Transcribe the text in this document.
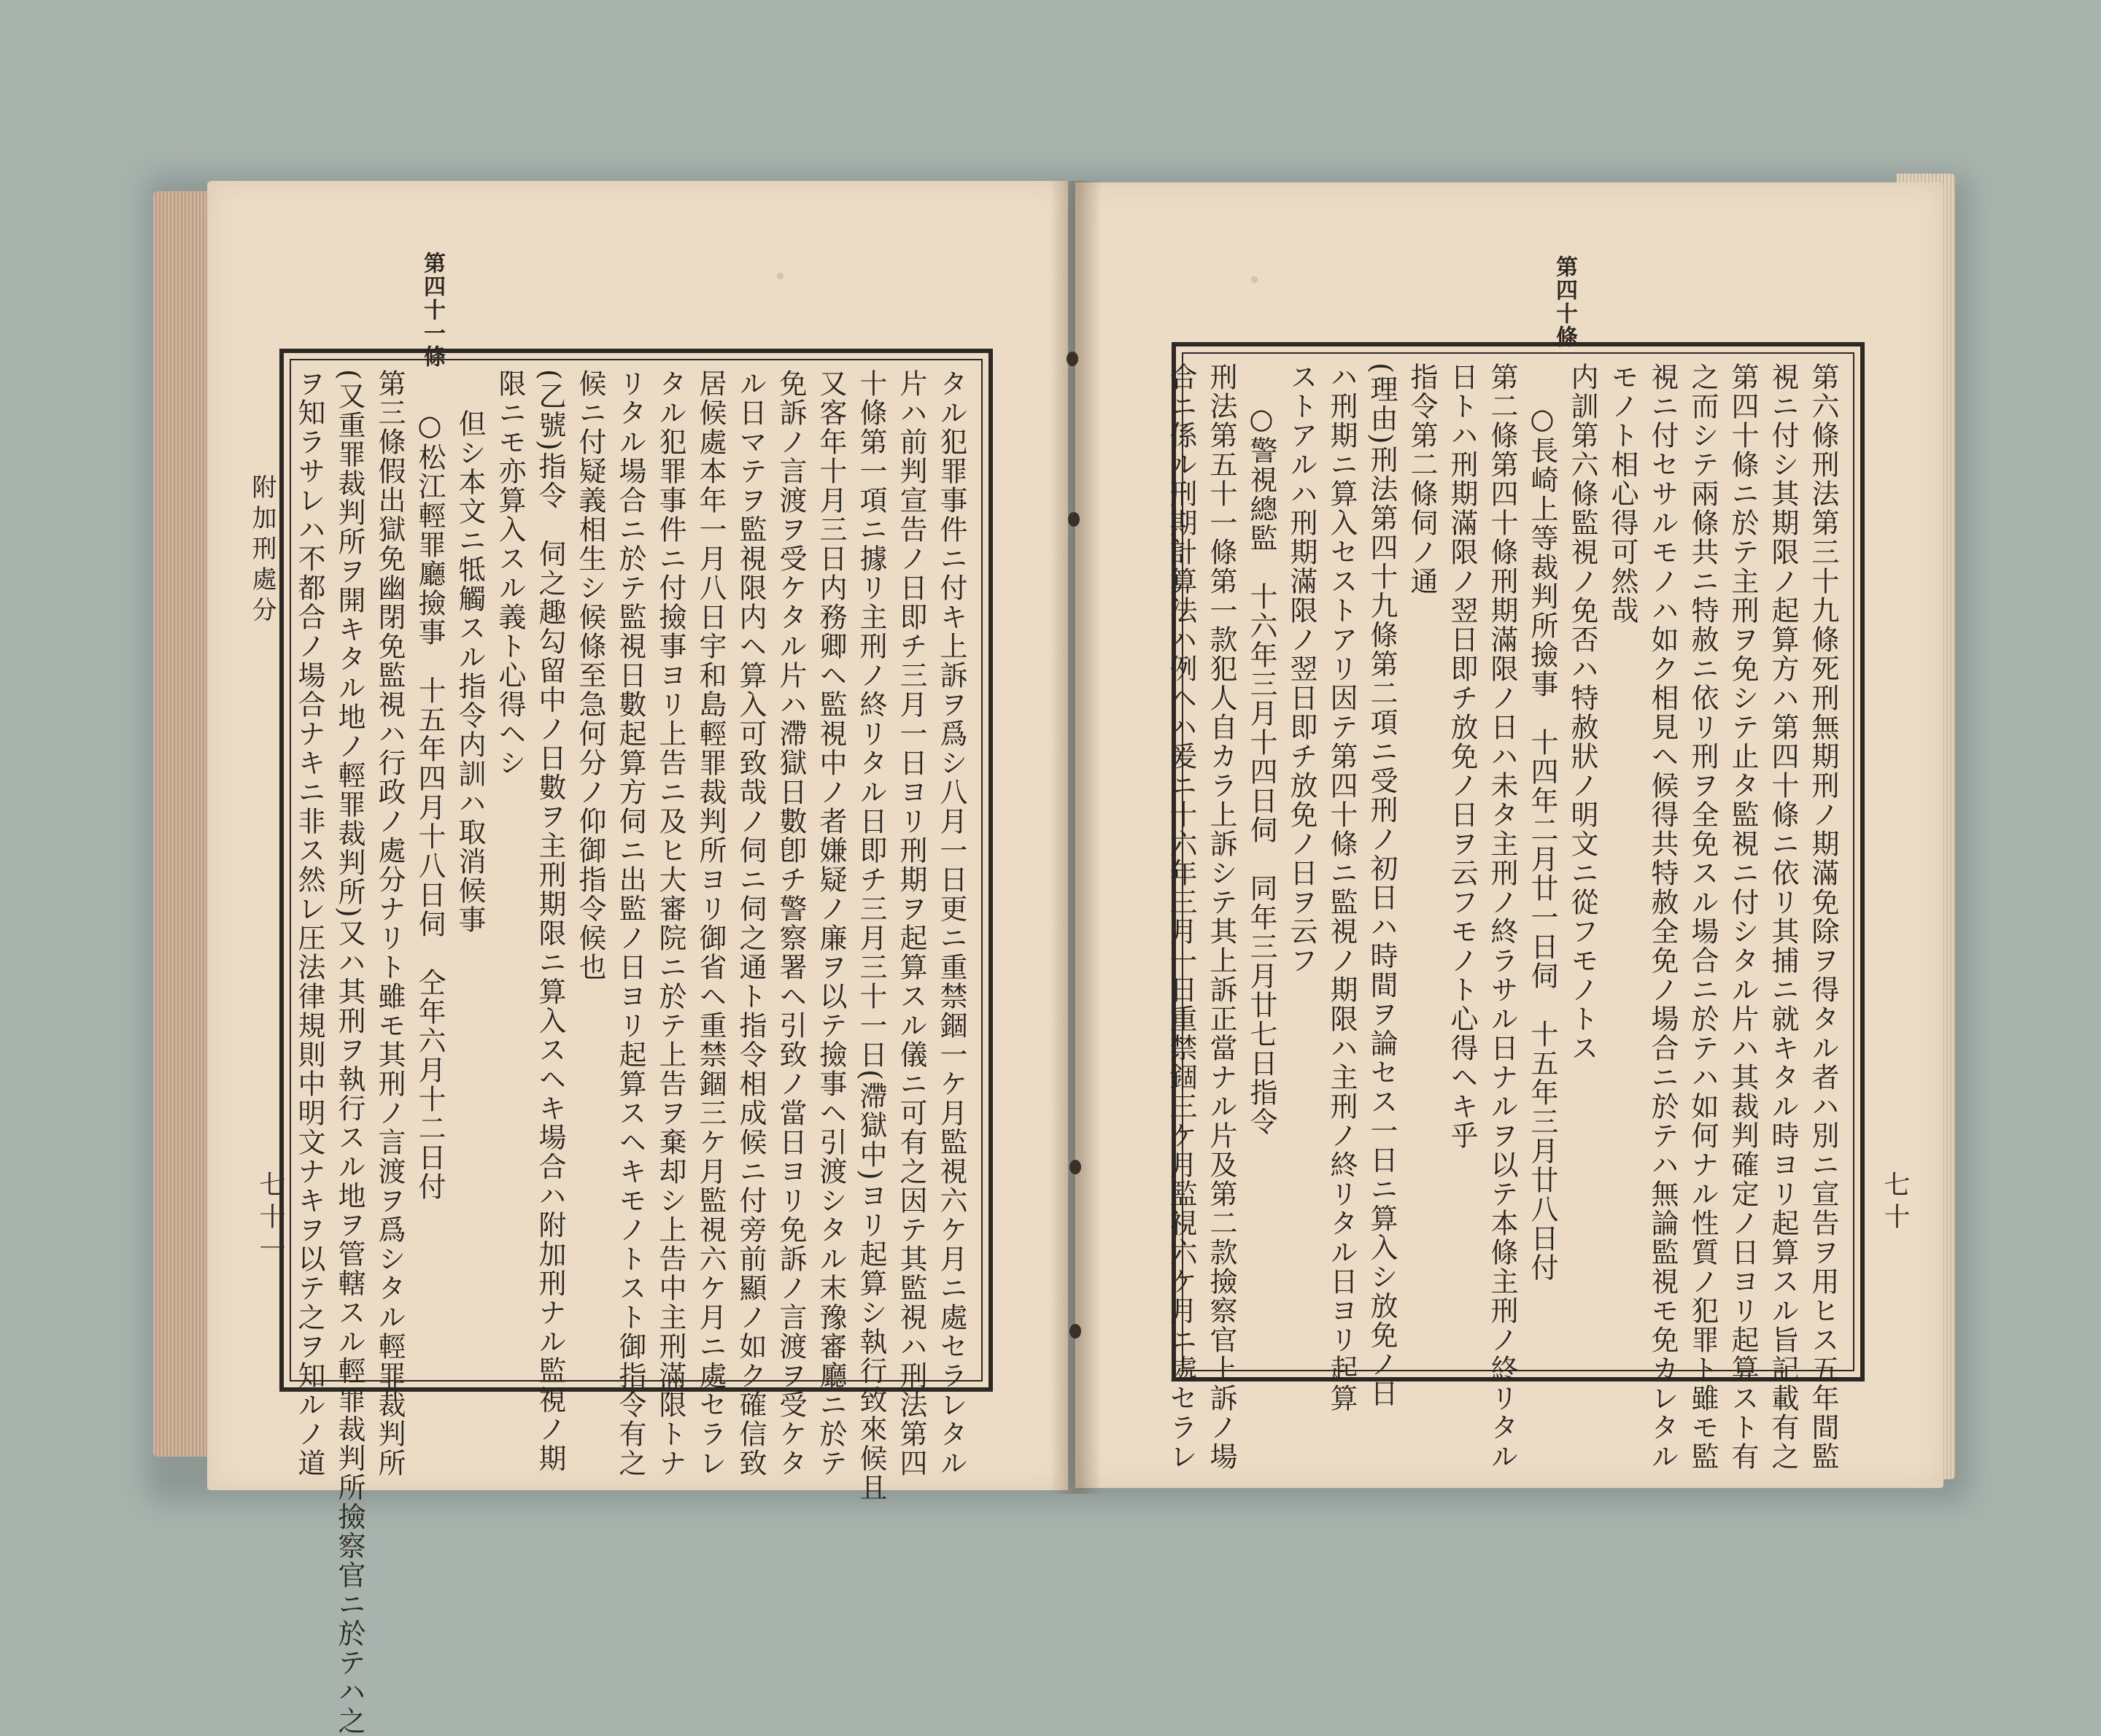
∙	∙
第四十一條
附加刑處分
七十一	タル犯罪事件ニ付キ上訴ヲ爲シ八月一日更ニ重禁錮一ケ月監視六ケ月ニ處セラレタル
片ハ前判宣告ノ日即チ三月一日ヨリ刑期ヲ起算スル儀ニ可有之因テ其監視ハ刑法第四
十條第一項ニ據リ主刑ノ終リタル日即チ三月三十一日(滯獄中)ヨリ起算シ執行致來候且
又客年十月三日内務卿ヘ監視中ノ者嫌疑ノ廉ヲ以テ撿事ヘ引渡シタル末豫審廳ニ於テ
免訴ノ言渡ヲ受ケタル片ハ滯獄日數卽チ警察署ヘ引致ノ當日ヨリ免訴ノ言渡ヲ受ケタ
ル日マテヲ監視限内ヘ算入可致哉ノ伺ニ伺之通ト指令相成候ニ付旁前顯ノ如ク確信致
居候處本年一月八日宇和島輕罪裁判所ヨリ御省ヘ重禁錮三ケ月監視六ケ月ニ處セラレ
タル犯罪事件ニ付撿事ヨリ上告ニ及ヒ大審院ニ於テ上告ヲ棄却シ上告中主刑滿限トナ
リタル場合ニ於テ監視日數起算方伺ニ出監ノ日ヨリ起算スヘキモノトスト御指令有之
候ニ付疑義相生シ候條至急何分ノ仰御指令候也
(乙號)指令　伺之趣勾留中ノ日數ヲ主刑期限ニ算入スヘキ場合ハ附加刑ナル監視ノ期
限ニモ亦算入スル義ト心得ヘシ
但シ本文ニ牴觸スル指令内訓ハ取消候事
○松江輕罪廳撿事　十五年四月十八日伺　仝年六月十二日付
第三條假出獄免幽閉免監視ハ行政ノ處分ナリト雖モ其刑ノ言渡ヲ爲シタル輕罪裁判所
(又重罪裁判所ヲ開キタル地ノ輕罪裁判所)又ハ其刑ヲ執行スル地ヲ管轄スル輕罪裁判所撿察官ニ於テハ之
ヲ知ラサレハ不都合ノ場合ナキニ非ス然レ圧法律規則中明文ナキヲ以テ之ヲ知ルノ道
第四十條
七十
第六條刑法第三十九條死刑無期刑ノ期滿免除ヲ得タル者ハ別ニ宣告ヲ用ヒス五年間監
視ニ付シ其期限ノ起算方ハ第四十條ニ依リ其捕ニ就キタル時ヨリ起算スル旨記載有之
第四十條ニ於テ主刑ヲ免シテ止タ監視ニ付シタル片ハ其裁判確定ノ日ヨリ起算スト有
之而シテ兩條共ニ特赦ニ依リ刑ヲ全免スル場合ニ於テハ如何ナル性質ノ犯罪ト雖モ監
視ニ付セサルモノハ如ク相見ヘ候得共特赦全免ノ場合ニ於テハ無論監視モ免カレタル
モノト相心得可然哉
内訓第六條監視ノ免否ハ特赦狀ノ明文ニ從フモノトス
○長崎上等裁判所撿事　十四年二月廿一日伺　十五年三月廿八日付
第二條第四十條刑期滿限ノ日ハ未タ主刑ノ終ラサル日ナルヲ以テ本條主刑ノ終リタル
日トハ刑期滿限ノ翌日即チ放免ノ日ヲ云フモノト心得ヘキ乎
指令第二條伺ノ通
(理由)刑法第四十九條第二項ニ受刑ノ初日ハ時間ヲ論セス一日ニ算入シ放免ノ日
ハ刑期ニ算入セストアリ因テ第四十條ニ監視ノ期限ハ主刑ノ終リタル日ヨリ起算
ストアルハ刑期滿限ノ翌日即チ放免ノ日ヲ云フ
○警視總監　十六年三月十四日伺　同年三月廿七日指令
刑法第五十一條第一款犯人自カラ上訴シテ其上訴正當ナル片及第二款撿察官上訴ノ場
合ニ係ル刑期計算法ハ例ヘハ爰ニ十六年三月一日重禁錮三ケ月監視六ケ月ニ處セラレ
